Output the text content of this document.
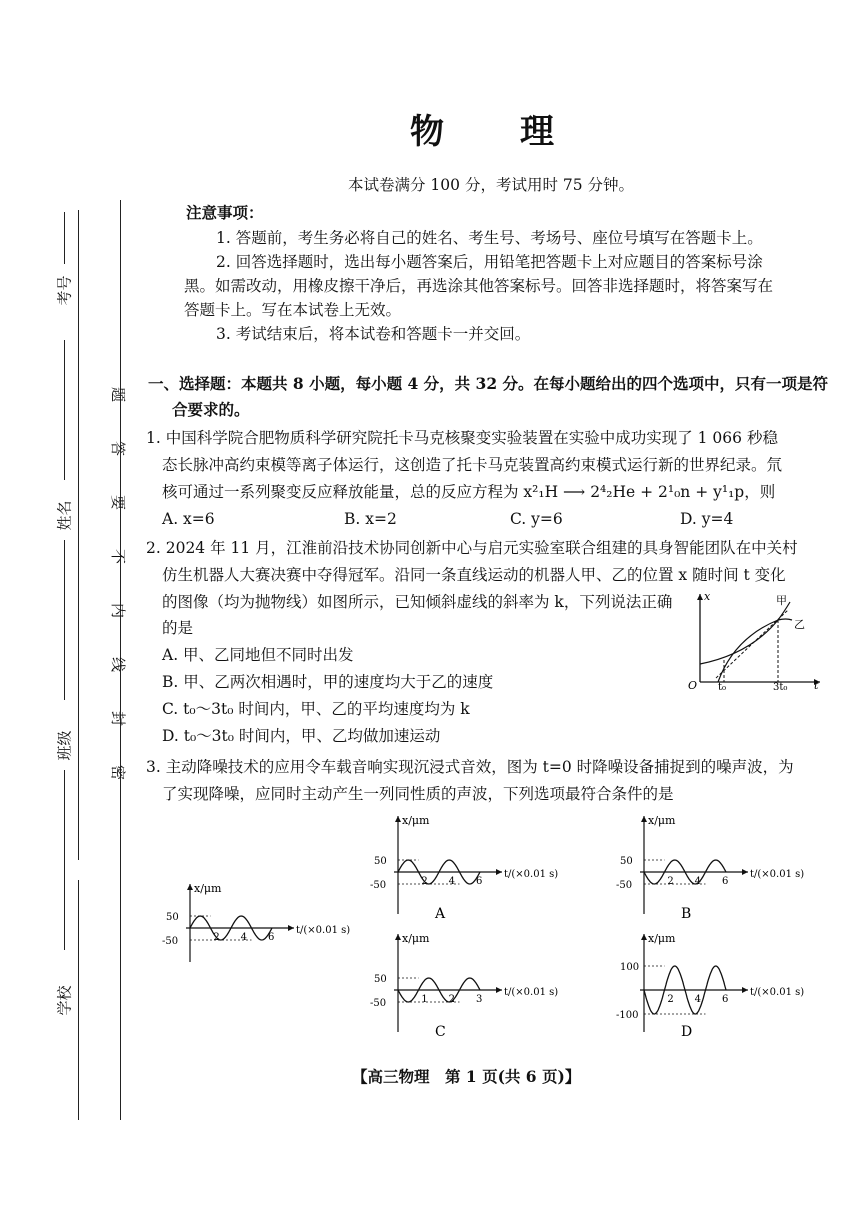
考号
姓名
班级
学校
题
答
要
不
内
线
封
密
物 理
本试卷满分 100 分，考试用时 75 分钟。
注意事项：
1. 答题前，考生务必将自己的姓名、考生号、考场号、座位号填写在答题卡上。
2. 回答选择题时，选出每小题答案后，用铅笔把答题卡上对应题目的答案标号涂
黑。如需改动，用橡皮擦干净后，再选涂其他答案标号。回答非选择题时，将答案写在
答题卡上。写在本试卷上无效。
3. 考试结束后，将本试卷和答题卡一并交回。
一、选择题：本题共 8 小题，每小题 4 分，共 32 分。在每小题给出的四个选项中，只有一项是符
合要求的。
1. 中国科学院合肥物质科学研究院托卡马克核聚变实验装置在实验中成功实现了 1 066 秒稳
态长脉冲高约束模等离子体运行，这创造了托卡马克装置高约束模式运行新的世界纪录。氘
核可通过一系列聚变反应释放能量，总的反应方程为 x²₁H ⟶ 2⁴₂He + 2¹₀n + y¹₁p，则
A. x=6	B. x=2	C. y=6	D. y=4
2. 2024 年 11 月，江淮前沿技术协同创新中心与启元实验室联合组建的具身智能团队在中关村
仿生机器人大赛决赛中夺得冠军。沿同一条直线运动的机器人甲、乙的位置 x 随时间 t 变化
的图像（均为抛物线）如图所示，已知倾斜虚线的斜率为 k，下列说法正确
的是
A. 甲、乙同地但不同时出发
B. 甲、乙两次相遇时，甲的速度均大于乙的速度
C. t₀～3t₀ 时间内，甲、乙的平均速度均为 k
D. t₀～3t₀ 时间内，甲、乙均做加速运动
x
O	t
t₀	3t₀
甲
乙
3. 主动降噪技术的应用令车载音响实现沉浸式音效，图为 t=0 时降噪设备捕捉到的噪声波，为
了实现降噪，应同时主动产生一列同性质的声波，下列选项最符合条件的是
x/μm
t/(×0.01 s)
50
-50	2 4 6
x/μm
t/(×0.01 s)
50
-50	2 4 6
A
x/μm
t/(×0.01 s)
50
-50	2 4 6
B
x/μm
t/(×0.01 s)
50
-50	1 2 3
C
x/μm
t/(×0.01 s)
100
-100
2 4 6
D
【高三物理　第 1 页(共 6 页)】
